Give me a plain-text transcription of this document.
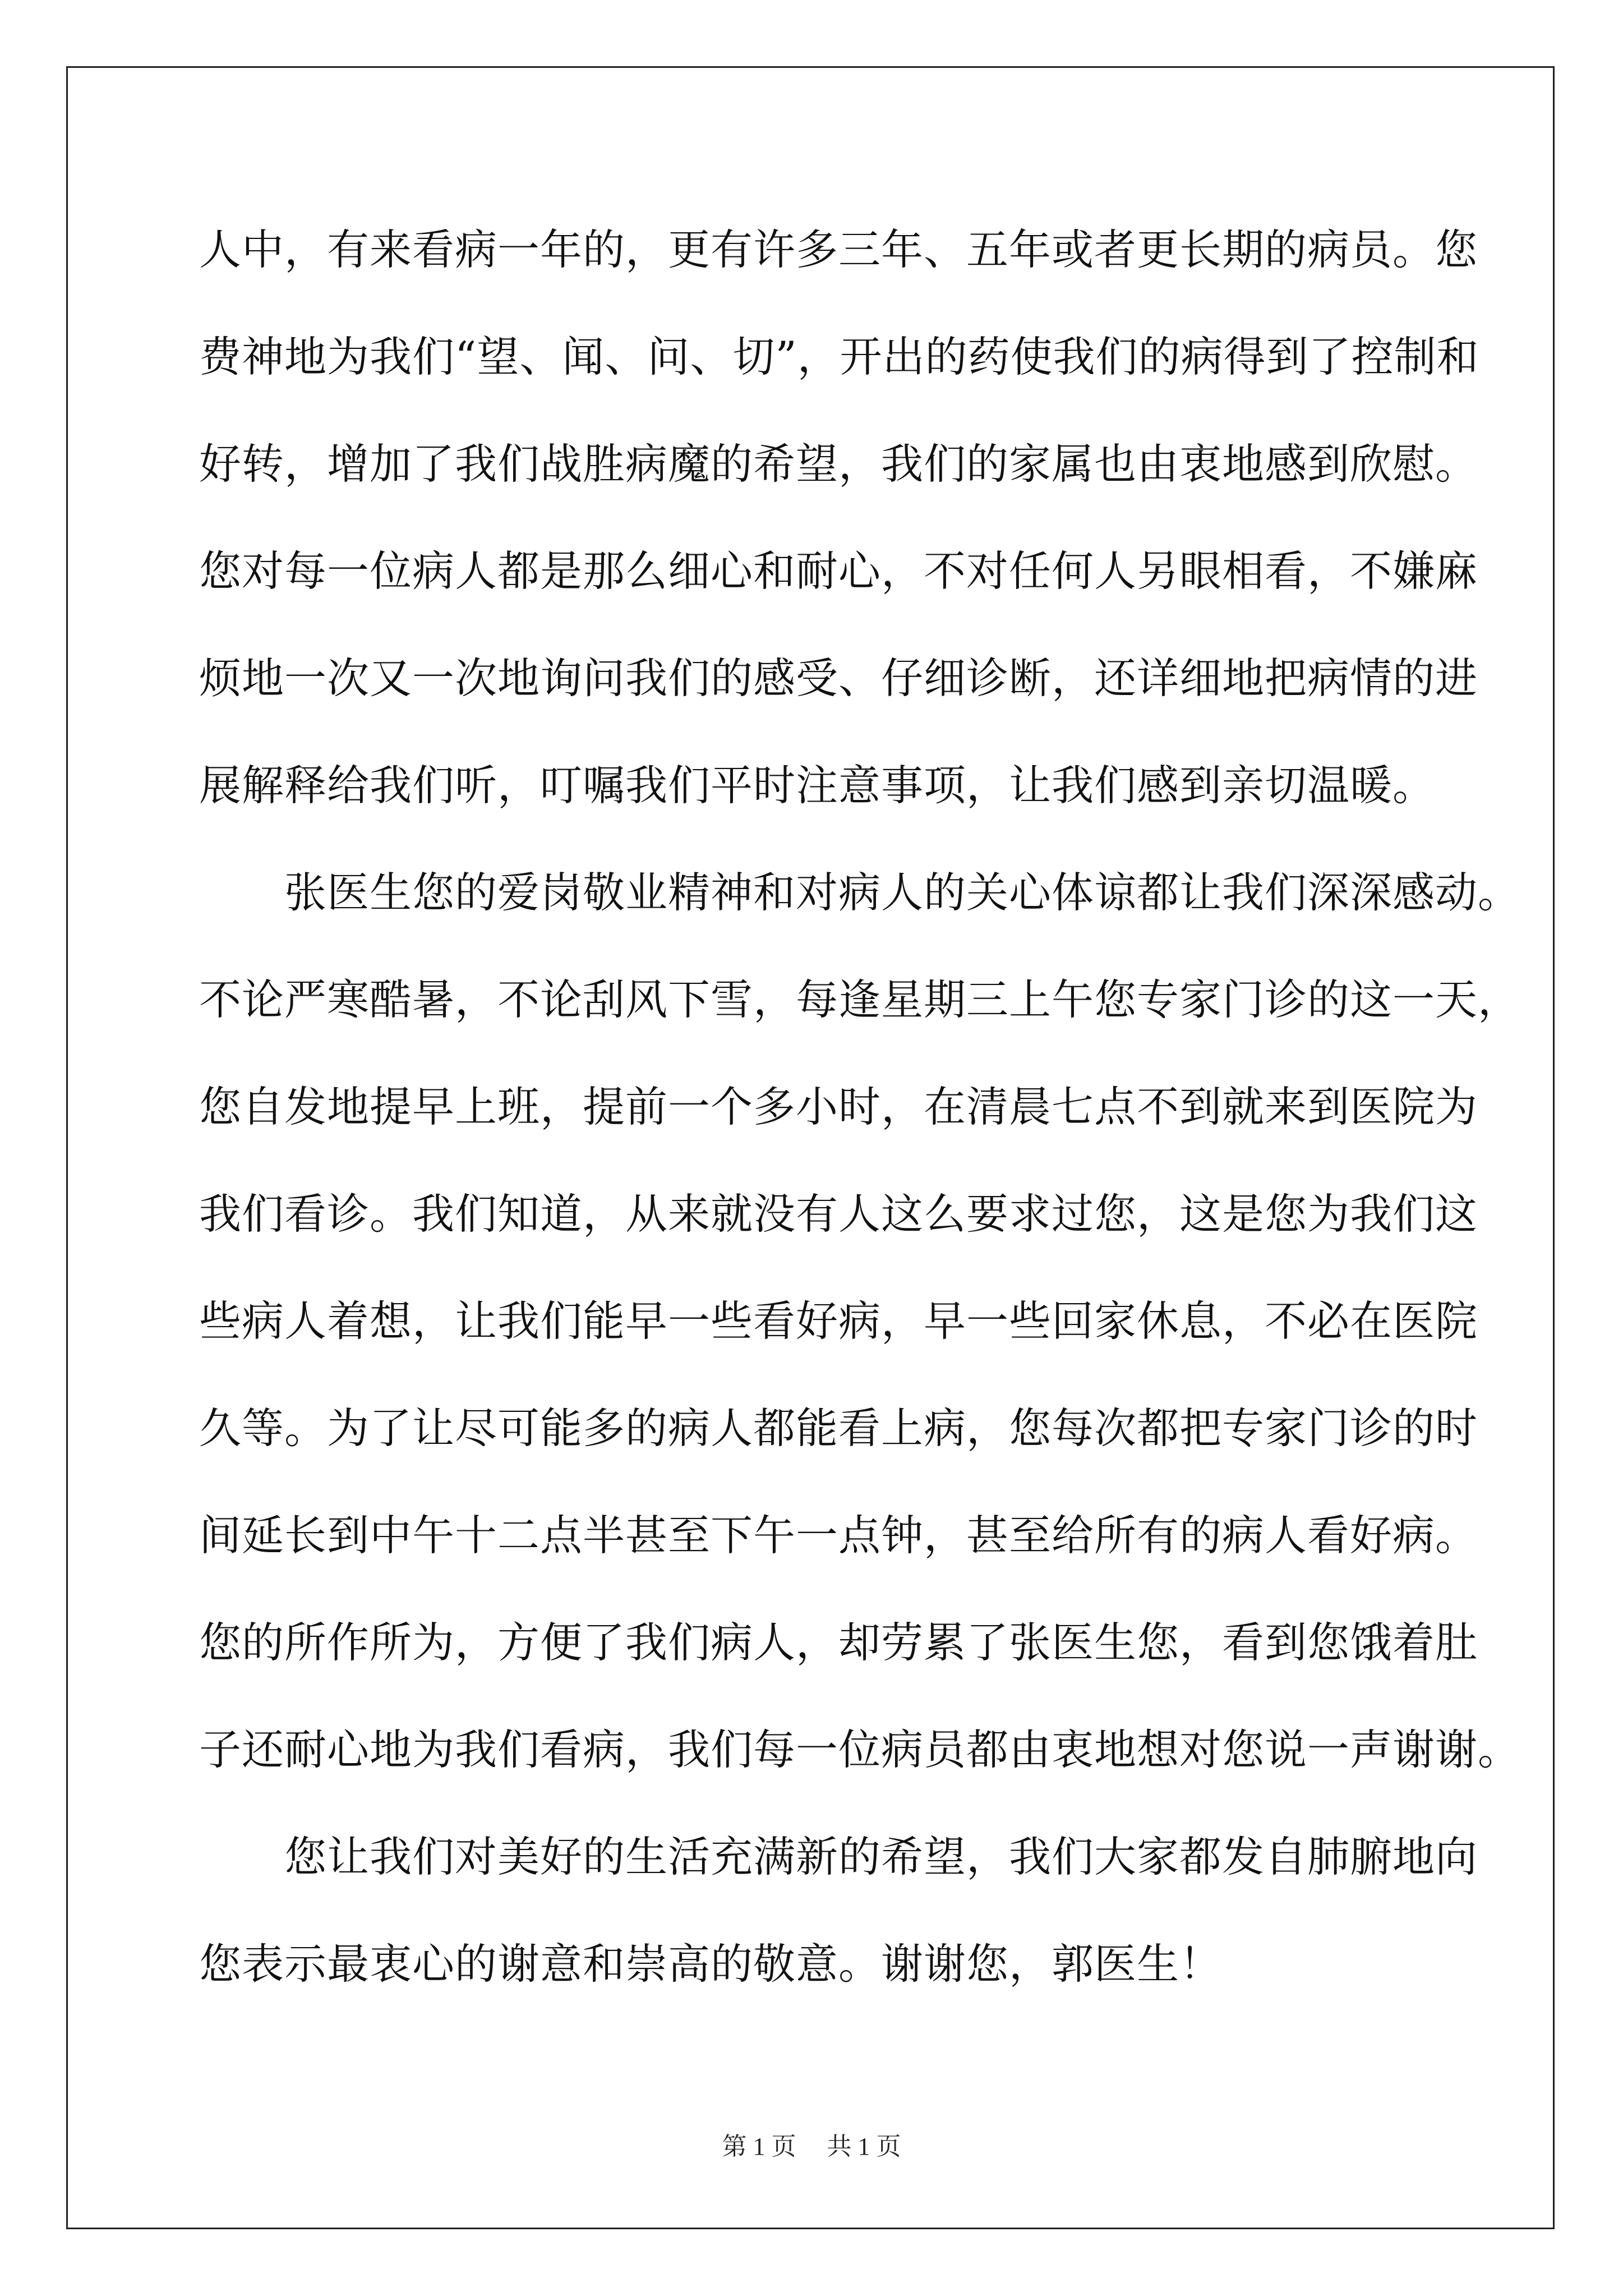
人中，有来看病一年的，更有许多三年、五年或者更长期的病员。您
费神地为我们“望、闻、问、切”，开出的药使我们的病得到了控制和
好转，增加了我们战胜病魔的希望，我们的家属也由衷地感到欣慰。
您对每一位病人都是那么细心和耐心，不对任何人另眼相看，不嫌麻
烦地一次又一次地询问我们的感受、仔细诊断，还详细地把病情的进
展解释给我们听，叮嘱我们平时注意事项，让我们感到亲切温暖。
　　张医生您的爱岗敬业精神和对病人的关心体谅都让我们深深感动。
不论严寒酷暑，不论刮风下雪，每逢星期三上午您专家门诊的这一天，
您自发地提早上班，提前一个多小时，在清晨七点不到就来到医院为
我们看诊。我们知道，从来就没有人这么要求过您，这是您为我们这
些病人着想，让我们能早一些看好病，早一些回家休息，不必在医院
久等。为了让尽可能多的病人都能看上病，您每次都把专家门诊的时
间延长到中午十二点半甚至下午一点钟，甚至给所有的病人看好病。
您的所作所为，方便了我们病人，却劳累了张医生您，看到您饿着肚
子还耐心地为我们看病，我们每一位病员都由衷地想对您说一声谢谢。
　　您让我们对美好的生活充满新的希望，我们大家都发自肺腑地向
您表示最衷心的谢意和崇高的敬意。谢谢您，郭医生！
第 1 页 共 1 页
